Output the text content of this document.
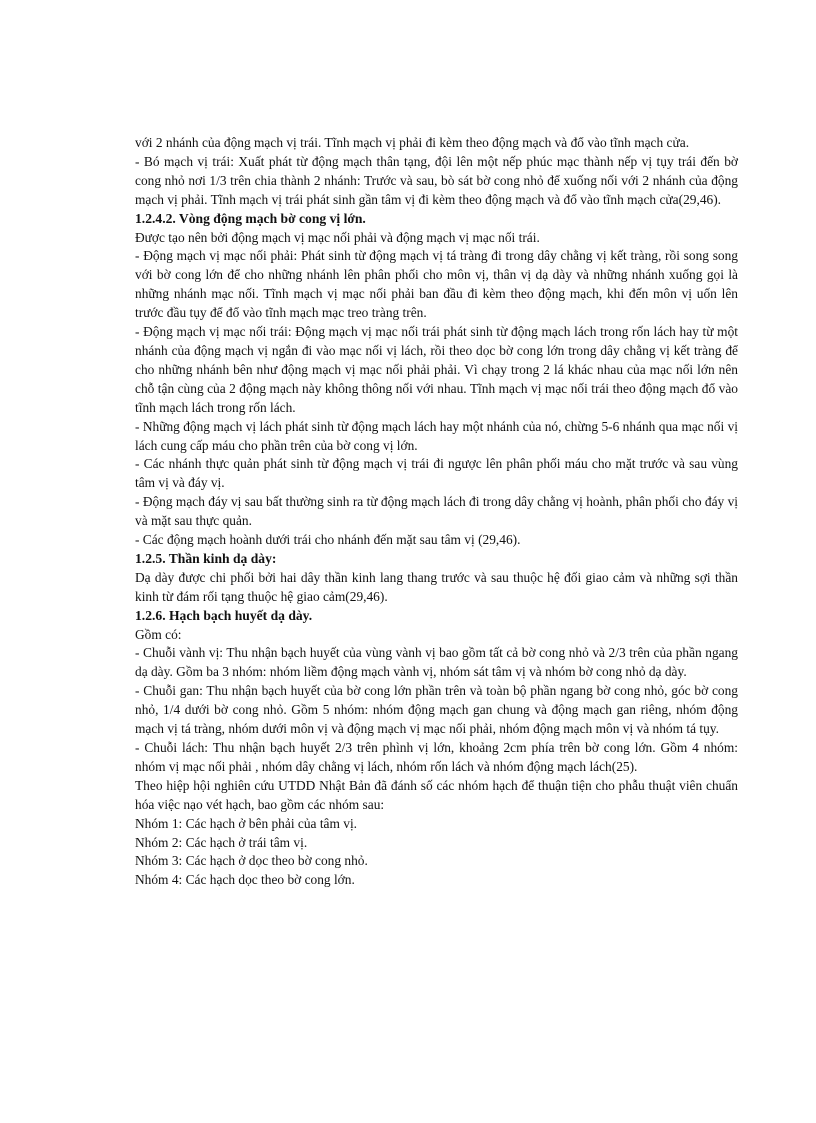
với 2 nhánh của động mạch vị trái. Tĩnh mạch vị phải đi kèm theo động mạch và đổ vào tĩnh mạch cửa.

- Bó mạch vị trái: Xuất phát từ động mạch thân tạng, đội lên một nếp phúc mạc thành nếp vị tụy trái đến bờ cong nhỏ nơi 1/3 trên chia thành 2 nhánh: Trước và sau, bò sát bờ cong nhỏ để xuống nối với 2 nhánh của động mạch vị phải. Tĩnh mạch vị trái phát sinh gần tâm vị đi kèm theo động mạch và đổ vào tĩnh mạch cửa(29,46).

1.2.4.2. Vòng động mạch bờ cong vị lớn.

Được tạo nên bởi động mạch vị mạc nối phải và động mạch vị mạc nối trái.

- Động mạch vị mạc nối phải: Phát sinh từ động mạch vị tá tràng đi trong dây chằng vị kết tràng, rồi song song với bờ cong lớn để cho những nhánh lên phân phối cho môn vị, thân vị dạ dày và những nhánh xuống gọi là những nhánh mạc nối. Tĩnh mạch vị mạc nối phải ban đầu đi kèm theo động mạch, khi đến môn vị uốn lên trước đầu tụy để đổ vào tĩnh mạch mạc treo tràng trên.

- Động mạch vị mạc nối trái: Động mạch vị mạc nối trái phát sinh từ động mạch lách trong rốn lách hay từ một nhánh của động mạch vị ngắn đi vào mạc nối vị lách, rồi theo dọc bờ cong lớn trong dây chằng vị kết tràng để cho những nhánh bên như động mạch vị mạc nối phải phải. Vì chạy trong 2 lá khác nhau của mạc nối lớn nên chỗ tận cùng của 2 động mạch này không thông nối với nhau. Tĩnh mạch vị mạc nối trái theo động mạch đổ vào tĩnh mạch lách trong rốn lách.

- Những động mạch vị lách phát sinh từ động mạch lách hay một nhánh của nó, chừng 5-6 nhánh qua mạc nối vị lách cung cấp máu cho phần trên của bờ cong vị lớn.

- Các nhánh thực quản phát sinh từ động mạch vị trái đi ngược lên phân phối máu cho mặt trước và sau vùng tâm vị và đáy vị.

- Động mạch đáy vị sau bất thường sinh ra từ động mạch lách đi trong dây chằng vị hoành, phân phối cho đáy vị và mặt sau thực quản.

- Các động mạch hoành dưới trái cho nhánh đến mặt sau tâm vị (29,46).

1.2.5. Thần kinh dạ dày:

Dạ dày được chi phối bởi hai dây thần kinh lang thang trước và sau thuộc hệ đối giao cảm và những sợi thần kinh từ đám rối tạng thuộc hệ giao cảm(29,46).

1.2.6. Hạch bạch huyết dạ dày.

Gồm có:

- Chuỗi vành vị: Thu nhận bạch huyết của vùng vành vị bao gồm tất cả bờ cong nhỏ và 2/3 trên của phần ngang dạ dày. Gồm ba 3 nhóm: nhóm liềm động mạch vành vị, nhóm sát tâm vị và nhóm bờ cong nhỏ dạ dày.

- Chuỗi gan: Thu nhận bạch huyết của bờ cong lớn phần trên và toàn bộ phần ngang bờ cong nhỏ, góc bờ cong nhỏ, 1/4 dưới bờ cong nhỏ. Gồm 5 nhóm: nhóm động mạch gan chung và động mạch gan riêng, nhóm động mạch vị tá tràng, nhóm dưới môn vị và động mạch vị mạc nối phải, nhóm động mạch môn vị và nhóm tá tụy.

- Chuỗi lách: Thu nhận bạch huyết 2/3 trên phình vị lớn, khoảng 2cm phía trên bờ cong lớn. Gồm 4 nhóm: nhóm vị mạc nối phải , nhóm dây chằng vị lách, nhóm rốn lách và nhóm động mạch lách(25).

Theo hiệp hội nghiên cứu UTDD Nhật Bản đã đánh số các nhóm hạch để thuận tiện cho phẫu thuật viên chuẩn hóa việc nạo vét hạch, bao gồm các nhóm sau:

Nhóm 1: Các hạch ở bên phải của tâm vị.

Nhóm 2: Các hạch ở trái tâm vị.

Nhóm 3: Các hạch ở dọc theo bờ cong nhỏ.

Nhóm 4: Các hạch dọc theo bờ cong lớn.
